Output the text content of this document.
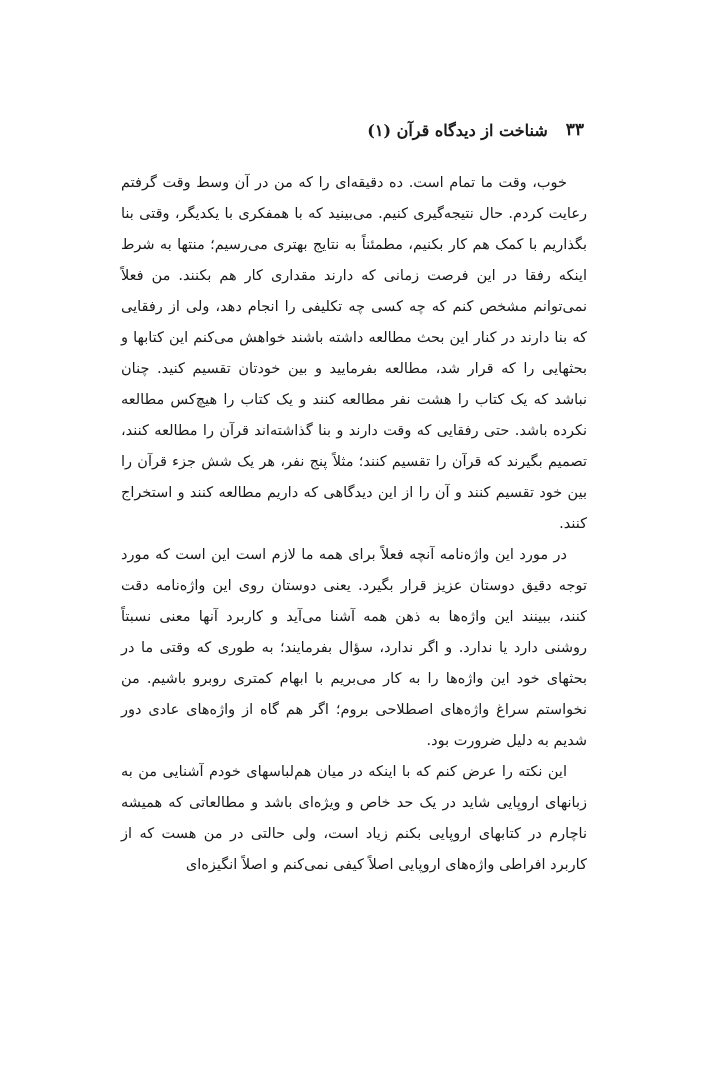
۳۳
شناخت از دیدگاه قرآن (۱)

خوب، وقت ما تمام است. ده دقیقه‌ای را که من در آن وسط وقت گرفتم رعایت کردم. حال نتیجه‌گیری کنیم. می‌بینید که با همفکری با یکدیگر، وقتی بنا بگذاریم با کمک هم کار بکنیم، مطمئناً به نتایج بهتری می‌رسیم؛ منتها به شرط اینکه رفقا در این فرصت زمانی که دارند مقداری کار هم بکنند. من فعلاً نمی‌توانم مشخص کنم که چه کسی چه تکلیفی را انجام دهد، ولی از رفقایی که بنا دارند در کنار این بحث مطالعه داشته باشند خواهش می‌کنم این کتابها و بحثهایی را که قرار شد، مطالعه بفرمایید و بین خودتان تقسیم کنید. چنان نباشد که یک کتاب را هشت نفر مطالعه کنند و یک کتاب را هیچ‌کس مطالعه نکرده باشد. حتی رفقایی که وقت دارند و بنا گذاشته‌اند قرآن را مطالعه کنند، تصمیم بگیرند که قرآن را تقسیم کنند؛ مثلاً پنج نفر، هر یک شش جزء قرآن را بین خود تقسیم کنند و آن را از این دیدگاهی که داریم مطالعه کنند و استخراج کنند.

در مورد این واژه‌نامه آنچه فعلاً برای همه ما لازم است این است که مورد توجه دقیق دوستان عزیز قرار بگیرد. یعنی دوستان روی این واژه‌نامه دقت کنند، ببینند این واژه‌ها به ذهن همه آشنا می‌آید و کاربرد آنها معنی نسبتاً روشنی دارد یا ندارد. و اگر ندارد، سؤال بفرمایند؛ به طوری که وقتی ما در بحثهای خود این واژه‌ها را به کار می‌بریم با ابهام کمتری روبرو باشیم. من نخواستم سراغ واژه‌های اصطلاحی بروم؛ اگر هم گاه از واژه‌های عادی دور شدیم به دلیل ضرورت بود.

این نکته را عرض کنم که با اینکه در میان هم‌لباسهای خودم آشنایی من به زبانهای اروپایی شاید در یک حد خاص و ویژه‌ای باشد و مطالعاتی که همیشه ناچارم در کتابهای اروپایی بکنم زیاد است، ولی حالتی در من هست که از کاربرد افراطی واژه‌های اروپایی اصلاً کیفی نمی‌کنم و اصلاً انگیزه‌ای
